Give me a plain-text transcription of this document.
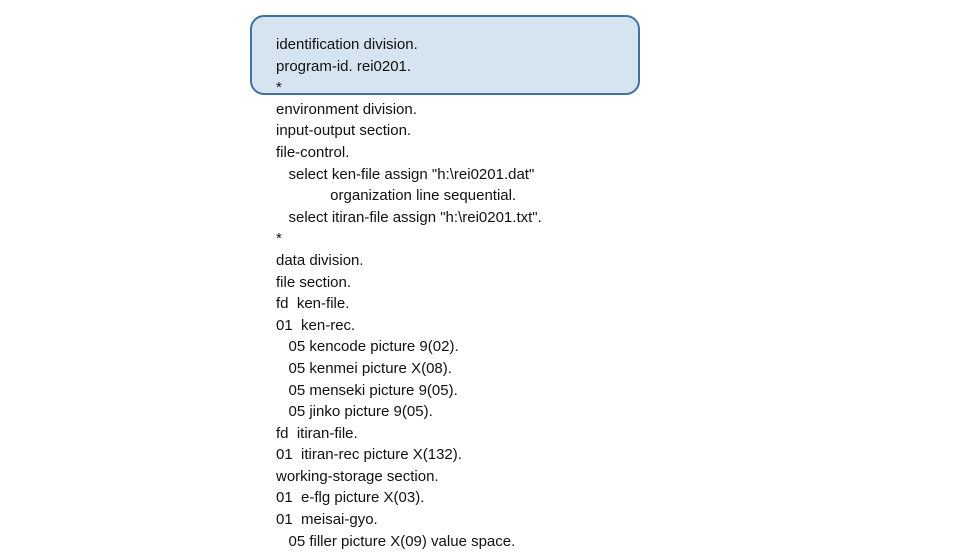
identification division.
program-id. rei0201.
*
environment division.
input-output section.
file-control.
select ken-file assign "h:\rei0201.dat"
organization line sequential.
select itiran-file assign "h:\rei0201.txt".
*
data division.
file section.
fd  ken-file.
01  ken-rec.
05 kencode picture 9(02).
05 kenmei picture X(08).
05 menseki picture 9(05).
05 jinko picture 9(05).
fd  itiran-file.
01  itiran-rec picture X(132).
working-storage section.
01  e-flg picture X(03).
01  meisai-gyo.
05 filler picture X(09) value space.
